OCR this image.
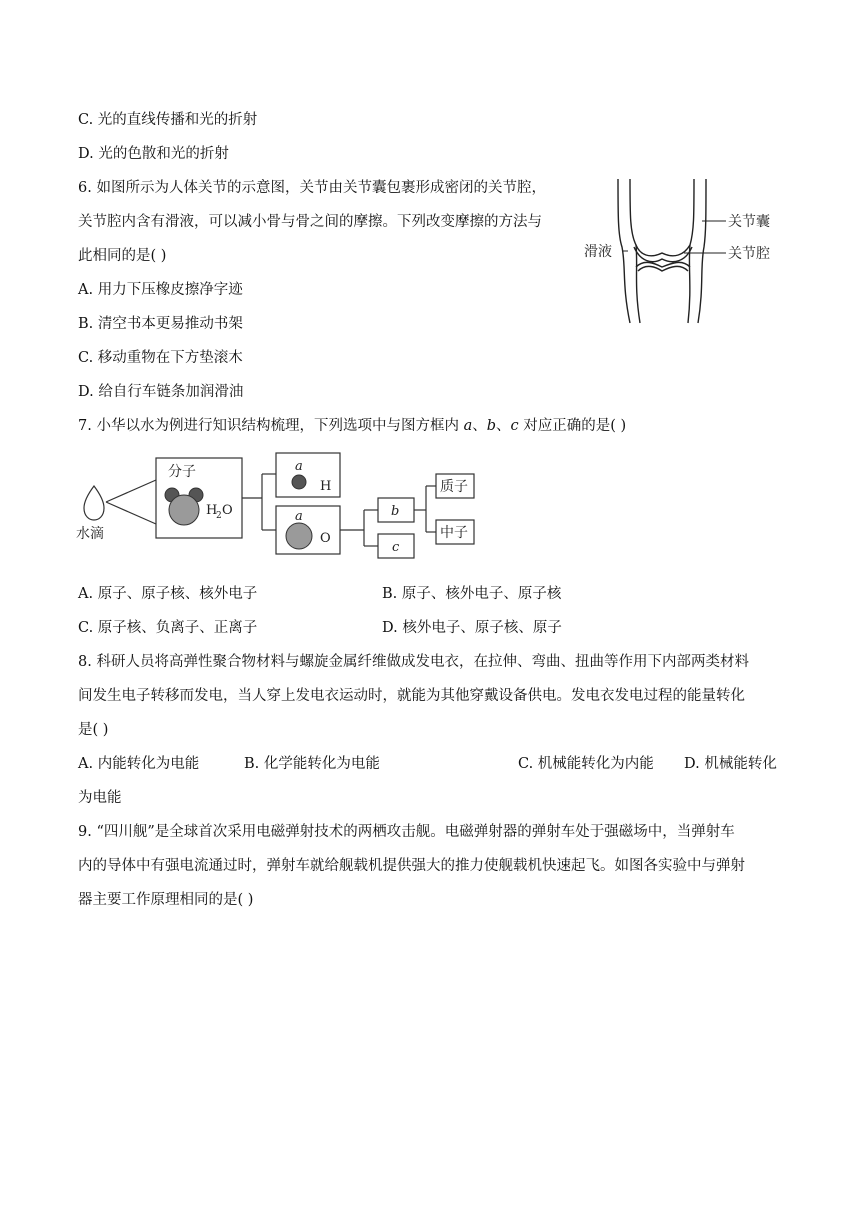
C. 光的直线传播和光的折射
D. 光的色散和光的折射
6. 如图所示为人体关节的示意图，关节由关节囊包裹形成密闭的关节腔，
关节腔内含有滑液，可以减小骨与骨之间的摩擦。下列改变摩擦的方法与
此相同的是( )
A. 用力下压橡皮擦净字迹
B. 清空书本更易推动书架
C. 移动重物在下方垫滚木
D. 给自行车链条加润滑油
滑液
关节囊
关节腔
7. 小华以水为例进行知识结构梳理，下列选项中与图方框内 a、b、c 对应正确的是( )
水滴
分子
H
2 O
a
H
a
O
b
c
质子
中子
A. 原子、原子核、核外电子	B. 原子、核外电子、原子核
C. 原子核、负离子、正离子	D. 核外电子、原子核、原子
8. 科研人员将高弹性聚合物材料与螺旋金属纤维做成发电衣，在拉伸、弯曲、扭曲等作用下内部两类材料
间发生电子转移而发电，当人穿上发电衣运动时，就能为其他穿戴设备供电。发电衣发电过程的能量转化
是( )
A. 内能转化为电能	B. 化学能转化为电能	C. 机械能转化为内能 D. 机械能转化
为电能
9. “四川舰”是全球首次采用电磁弹射技术的两栖攻击舰。电磁弹射器的弹射车处于强磁场中，当弹射车
内的导体中有强电流通过时，弹射车就给舰载机提供强大的推力使舰载机快速起飞。如图各实验中与弹射
器主要工作原理相同的是( )
